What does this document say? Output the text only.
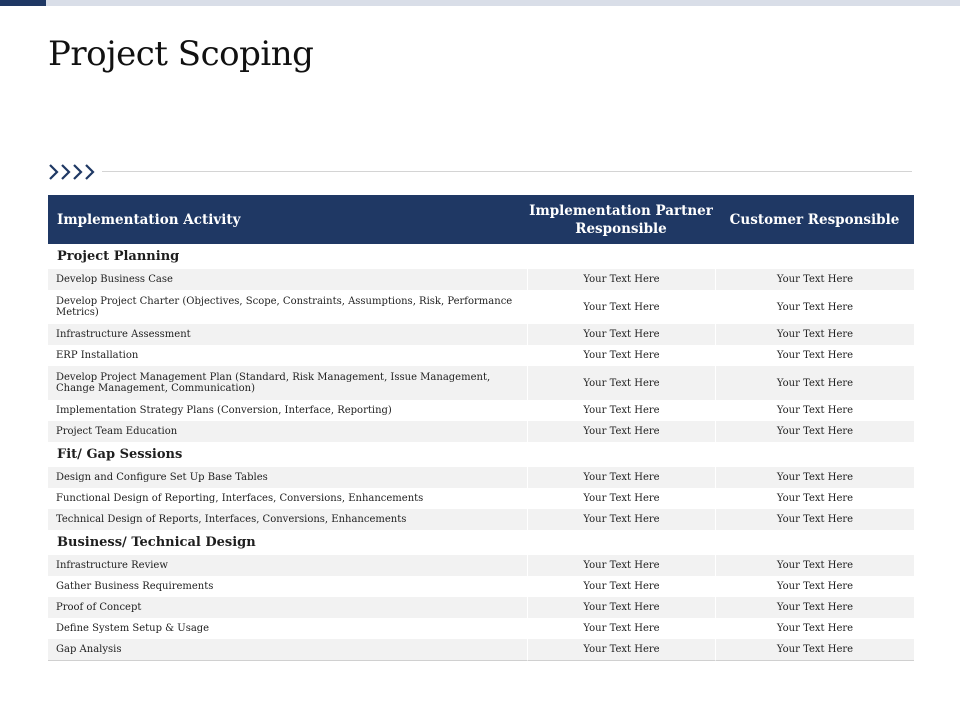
Project Scoping
Implementation Activity	Implementation Partner Responsible	Customer Responsible
Project Planning		
Develop Business Case	Your Text Here	Your Text Here
Develop Project Charter (Objectives, Scope, Constraints, Assumptions, Risk, Performance Metrics)	Your Text Here	Your Text Here
Infrastructure Assessment	Your Text Here	Your Text Here
ERP Installation	Your Text Here	Your Text Here
Develop Project Management Plan (Standard, Risk Management, Issue Management, Change Management, Communication)	Your Text Here	Your Text Here
Implementation Strategy Plans (Conversion, Interface, Reporting)	Your Text Here	Your Text Here
Project Team Education	Your Text Here	Your Text Here
Fit/ Gap Sessions		
Design and Configure Set Up Base Tables	Your Text Here	Your Text Here
Functional Design of Reporting, Interfaces, Conversions, Enhancements	Your Text Here	Your Text Here
Technical Design of Reports, Interfaces, Conversions, Enhancements	Your Text Here	Your Text Here
Business/ Technical Design		
Infrastructure Review	Your Text Here	Your Text Here
Gather Business Requirements	Your Text Here	Your Text Here
Proof of Concept	Your Text Here	Your Text Here
Define System Setup & Usage	Your Text Here	Your Text Here
Gap Analysis	Your Text Here	Your Text Here
